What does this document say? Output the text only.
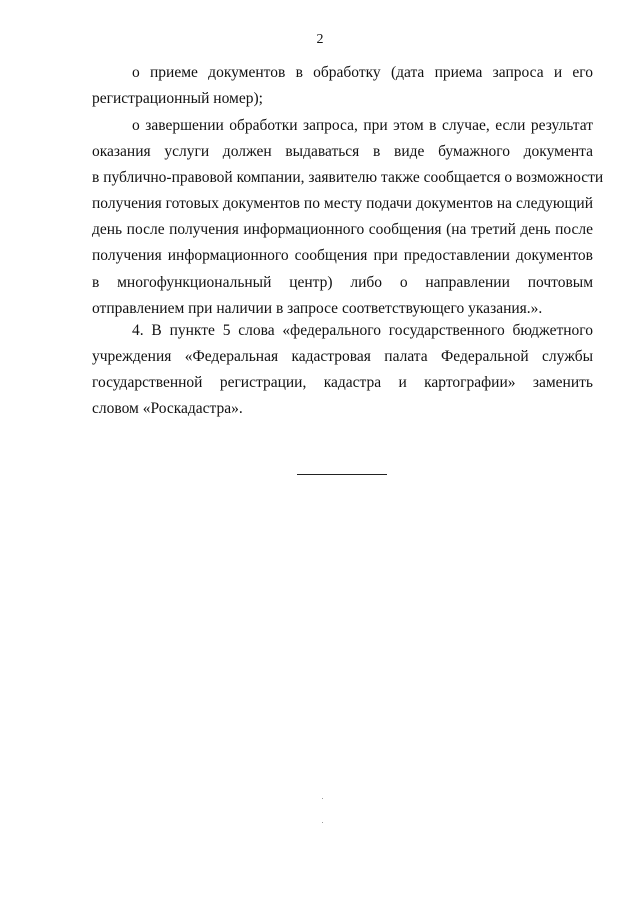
2
о приеме документов в обработку (дата приема запроса и его
регистрационный номер);
о завершении обработки запроса, при этом в случае, если результат
оказания услуги должен выдаваться в виде бумажного документа
в публично-правовой компании, заявителю также сообщается о возможности
получения готовых документов по месту подачи документов на следующий
день после получения информационного сообщения (на третий день после
получения информационного сообщения при предоставлении документов
в многофункциональный центр) либо о направлении почтовым
отправлением при наличии в запросе соответствующего указания.».
4. В пункте 5 слова «федерального государственного бюджетного
учреждения «Федеральная кадастровая палата Федеральной службы
государственной регистрации, кадастра и картографии» заменить
словом «Роскадастра».
